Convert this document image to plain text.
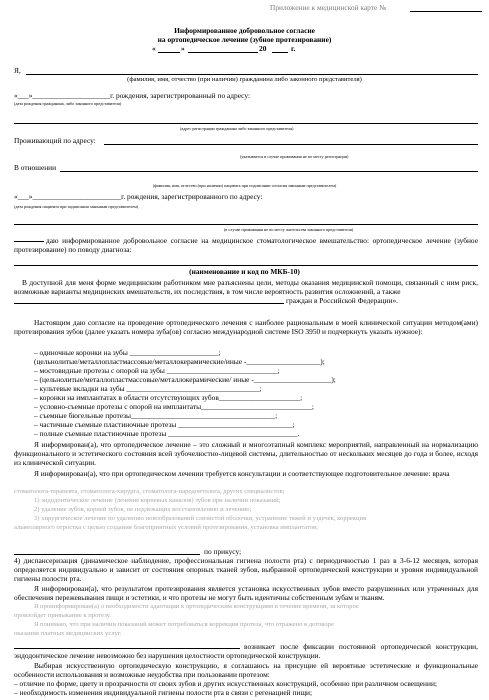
Приложение к медицинской карте №
Информированное добровольное согласие
на ортопедическое лечение (зубное протезирование)
«	»	20	г.
Я,
(фамилия, имя, отчество (при наличии) гражданина либо законного представителя)
«___»_____________________г. рождения, зарегистрированный по адресу:
(дата рождения гражданина, либо законного представителя)
(адрес регистрации гражданина либо законного представителя)
Проживающий по адресу:
(указывается в случае проживания не по месту регистрации)
В отношении
(фамилия, имя, отчество (при наличии) пациента при подписании согласия законным представителем)
«___»________________________г. рождения, зарегистрированного по адресу:
(дата рождения пациента при подписании законным представителем)
(в случае проживания не по месту жительства законного представителя)
даю информированное добровольное согласие на медицинское стоматологическое вмешательство: ортопедическое лечение (зубное протезирование) по поводу диагноза:
(наименование и код по МКБ-10)
В доступной для меня форме медицинским работником мне разъяснены цели, методы оказания медицинской помощи, связанный с ним риск, возможные варианты медицинских вмешательств, их последствия, в том числе вероятность развития осложнений, а также
граждан в Российской Федерации».
Настоящим даю согласие на проведение ортопедического лечения с наиболее рациональным в моей клинической ситуации методом(ами) протезирования зубов (далее указать номера зуба(ов) согласно международной системе ISO 3950 и подчеркнуть указать нужное):
– одиночные коронки на зубы ________________________;
(цельнолитые/металлопластмассовые/металлокерамические/иные -____________________);
– мостовидные протезы с опорой на зубы ______________________________;
– (цельнолитые/металлопластмассовые/металлокерамические/ иные -_____________________);
– культевые вкладки на зубы ____________________________________;
– коронки на имплантатах в области отсутствующих зубов______________________;
– условно-съемные протезы с опорой на имплантаты______________________________;
– съемные бюгельные протезы_______________________________________;
– частичные съемные пластиночные протезы _______________________________;
– полные съемные пластиночные протезы ___________________________________.
Я информирован(а), что ортопедическое лечение – это сложный и многоэтапный комплекс мероприятий, направленный на нормализацию функционального и эстетического состояния всей зубочелюстно-лицевой системы, длительностью от нескольких месяцев до года и более, исходя из клинической ситуации.
Я информирован(а), что при ортопедическом лечении требуется консультации и соответствующее подготовительное лечение: врача
стоматолога-терапевта, стоматолога-хирурга, стоматолога-пародонтолога, других специалистов;
1) эндодонтическое лечение (лечение корневых каналов) зубов при наличии показаний;
2) удаление зубов, корней зубов, не подлежащих восстановлению и лечению;
3) хирургическое лечение по удалению новообразований слизистой оболочки, устранение тяжей и уздечек, коррекция
альвеолярного отростка с целью создания благоприятных условий протезирования, установка имплантатов;
по прикусу;
4) диспансеризация (динамическое наблюдение, профессиональная гигиена полости рта) с периодичностью 1 раз в 3-6-12 месяцев, которая определяется индивидуально и зависит от состояния опорных тканей зубов, выбранной ортопедической конструкции и уровня индивидуальной гигиены полости рта.
Я информирован(а), что результатом протезирования является установка искусственных зубов вместо разрушенных или утраченных для обеспечения пережевывания пищи и эстетики, и что протезы не могут быть идентичны собственным зубам и тканям.
Я проинформирован(а) о необходимости адаптации к ортопедическим конструкциям в течение времени, за которое
произойдет привыкание к протезу.
Я понимаю, что при наличии показаний может потребоваться коррекция протеза, что отражено в договоре
оказания платных медицинских услуг.
возникает после фиксации постоянной ортопедической конструкции, эндодонтическое лечение невозможно без нарушения целостности ортопедической конструкции.
Выбирая искусственную ортопедическую конструкцию, я соглашаюсь на присущие ей вероятные эстетические и функциональные особенности использования и возможные неудобства при пользовании протезом:
– отличие по форме, цвету и прозрачности от своих зубов и других искусственных конструкций, особенно при различном освещении;
– необходимость изменения индивидуальной гигиены полости рта в связи с регенацией пищи;
